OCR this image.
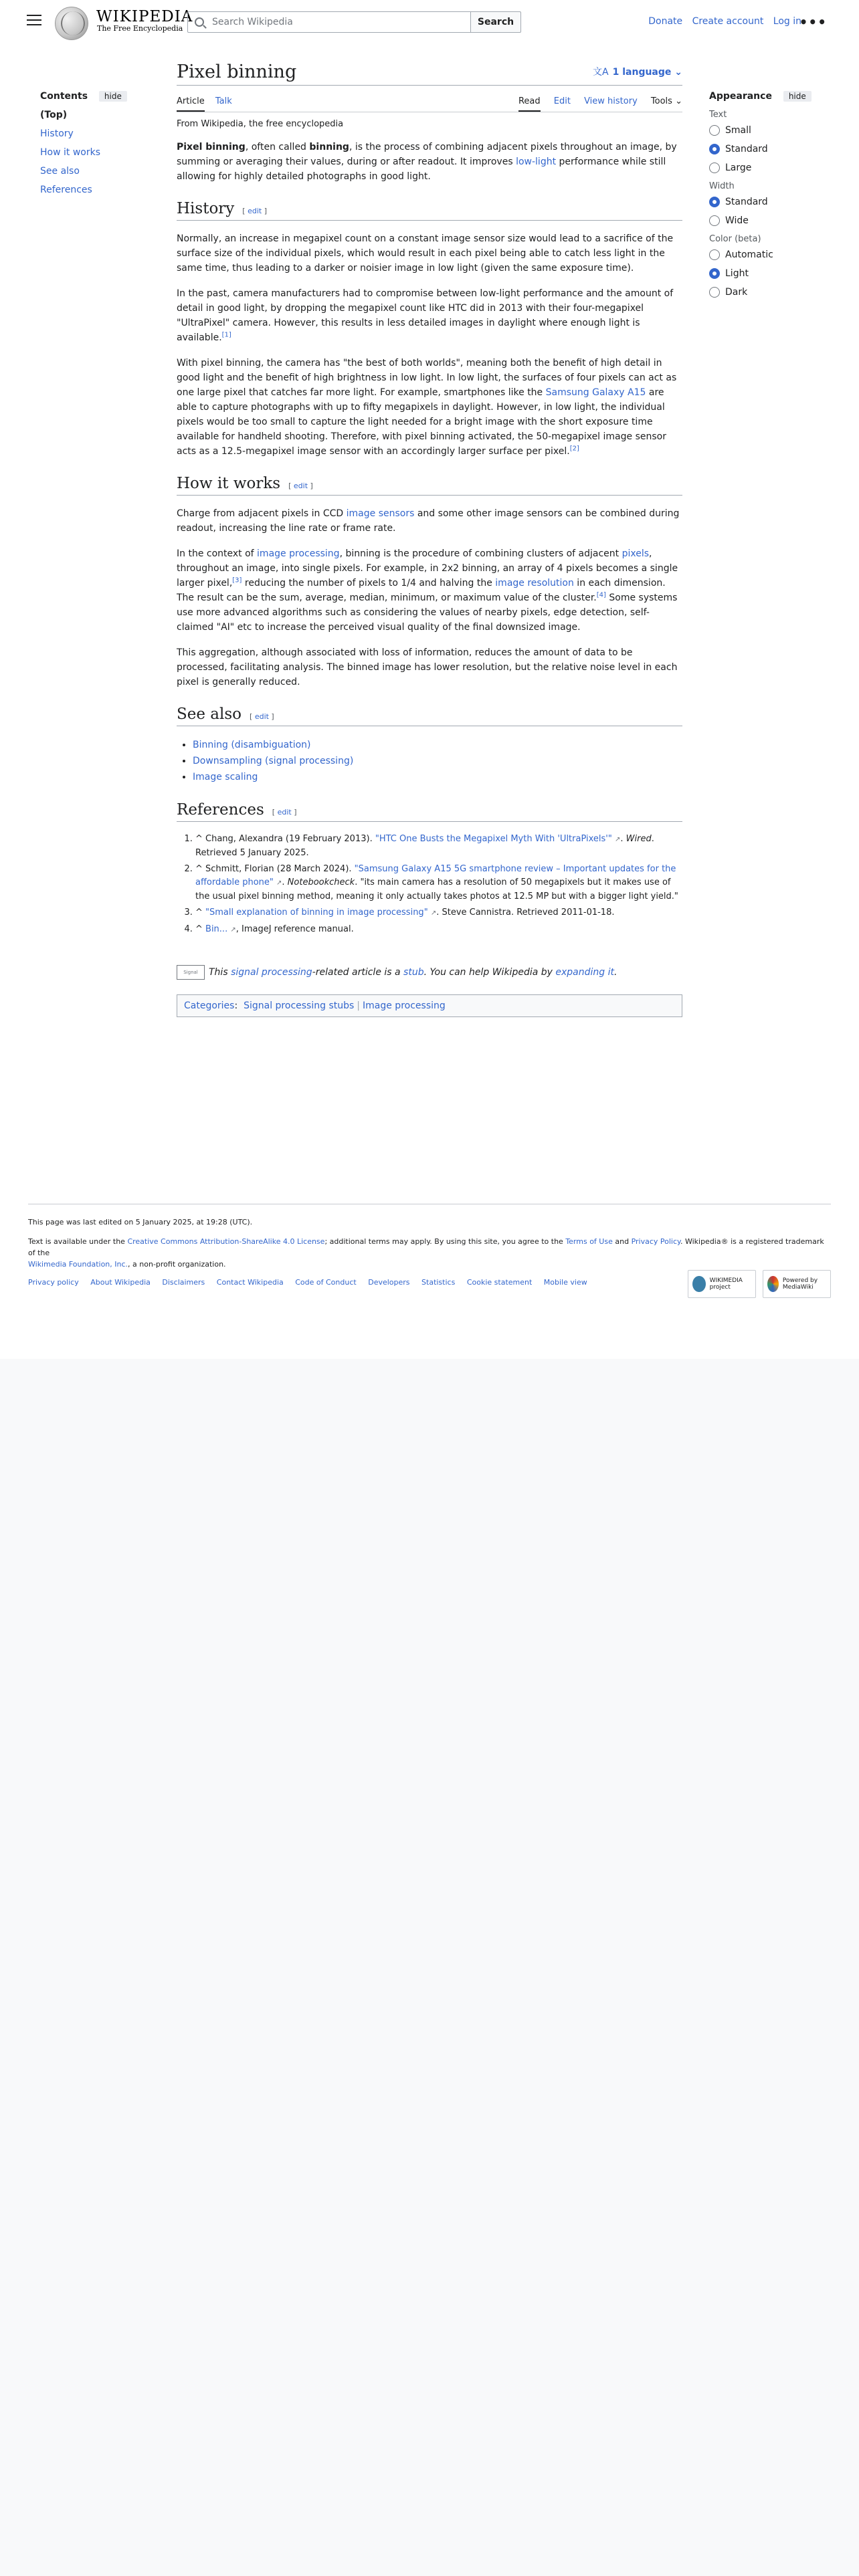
WIKIPEDIA
The Free Encyclopedia
Search Wikipedia
Search	Donate Create account Log in
•••
Contents hide
(Top)
History
How it works
See also
References
Pixel binning	文A 1 language ⌄
Article Talk	Read Edit View history Tools ⌄
From Wikipedia, the free encyclopedia

Pixel binning, often called binning, is the process of combining adjacent pixels throughout an image, by summing or averaging their values, during or after readout. It improves low-light performance while still allowing for highly detailed photographs in good light.

History [ edit ]

Normally, an increase in megapixel count on a constant image sensor size would lead to a sacrifice of the surface size of the individual pixels, which would result in each pixel being able to catch less light in the same time, thus leading to a darker or noisier image in low light (given the same exposure time).

In the past, camera manufacturers had to compromise between low-light performance and the amount of detail in good light, by dropping the megapixel count like HTC did in 2013 with their four-megapixel "UltraPixel" camera. However, this results in less detailed images in daylight where enough light is available.[1]

With pixel binning, the camera has "the best of both worlds", meaning both the benefit of high detail in good light and the benefit of high brightness in low light. In low light, the surfaces of four pixels can act as one large pixel that catches far more light. For example, smartphones like the Samsung Galaxy A15 are able to capture photographs with up to fifty megapixels in daylight. However, in low light, the individual pixels would be too small to capture the light needed for a bright image with the short exposure time available for handheld shooting. Therefore, with pixel binning activated, the 50-megapixel image sensor acts as a 12.5-megapixel image sensor with an accordingly larger surface per pixel.[2]

How it works [ edit ]

Charge from adjacent pixels in CCD image sensors and some other image sensors can be combined during readout, increasing the line rate or frame rate.

In the context of image processing, binning is the procedure of combining clusters of adjacent pixels, throughout an image, into single pixels. For example, in 2x2 binning, an array of 4 pixels becomes a single larger pixel,[3] reducing the number of pixels to 1/4 and halving the image resolution in each dimension. The result can be the sum, average, median, minimum, or maximum value of the cluster.[4] Some systems use more advanced algorithms such as considering the values of nearby pixels, edge detection, self-claimed "AI" etc to increase the perceived visual quality of the final downsized image.

This aggregation, although associated with loss of information, reduces the amount of data to be processed, facilitating analysis. The binned image has lower resolution, but the relative noise level in each pixel is generally reduced.

See also [ edit ]
• Binning (disambiguation)
• Downsampling (signal processing)
• Image scaling
References [ edit ]
1. ^ Chang, Alexandra (19 February 2013). "HTC One Busts the Megapixel Myth With 'UltraPixels'" ↗. Wired. Retrieved 5 January 2025.
2. ^ Schmitt, Florian (28 March 2024). "Samsung Galaxy A15 5G smartphone review – Important updates for the affordable phone" ↗. Notebookcheck. "its main camera has a resolution of 50 megapixels but it makes use of the usual pixel binning method, meaning it only actually takes photos at 12.5 MP but with a bigger light yield."
3. ^ "Small explanation of binning in image processing" ↗. Steve Cannistra. Retrieved 2011-01-18.
4. ^ Bin... ↗, ImageJ reference manual.
Signal	This
signal processing -related article is a
stub . You can help Wikipedia by
expanding it .
Categories:  Signal processing stubs | Image processing
Appearance hide
Text
Small
Standard
Large
Width
Standard
Wide
Color (beta)
Automatic
Light
Dark

This page was last edited on 5 January 2025, at 19:28 (UTC).

Text is available under the Creative Commons Attribution-ShareAlike 4.0 License; additional terms may apply. By using this site, you agree to the Terms of Use and Privacy Policy. Wikipedia® is a registered trademark of the
Wikimedia Foundation, Inc., a non-profit organization.

Privacy policy About Wikipedia Disclaimers Contact Wikipedia Code of Conduct Developers Statistics Cookie statement Mobile view	WIKIMEDIA project
Powered by MediaWiki
